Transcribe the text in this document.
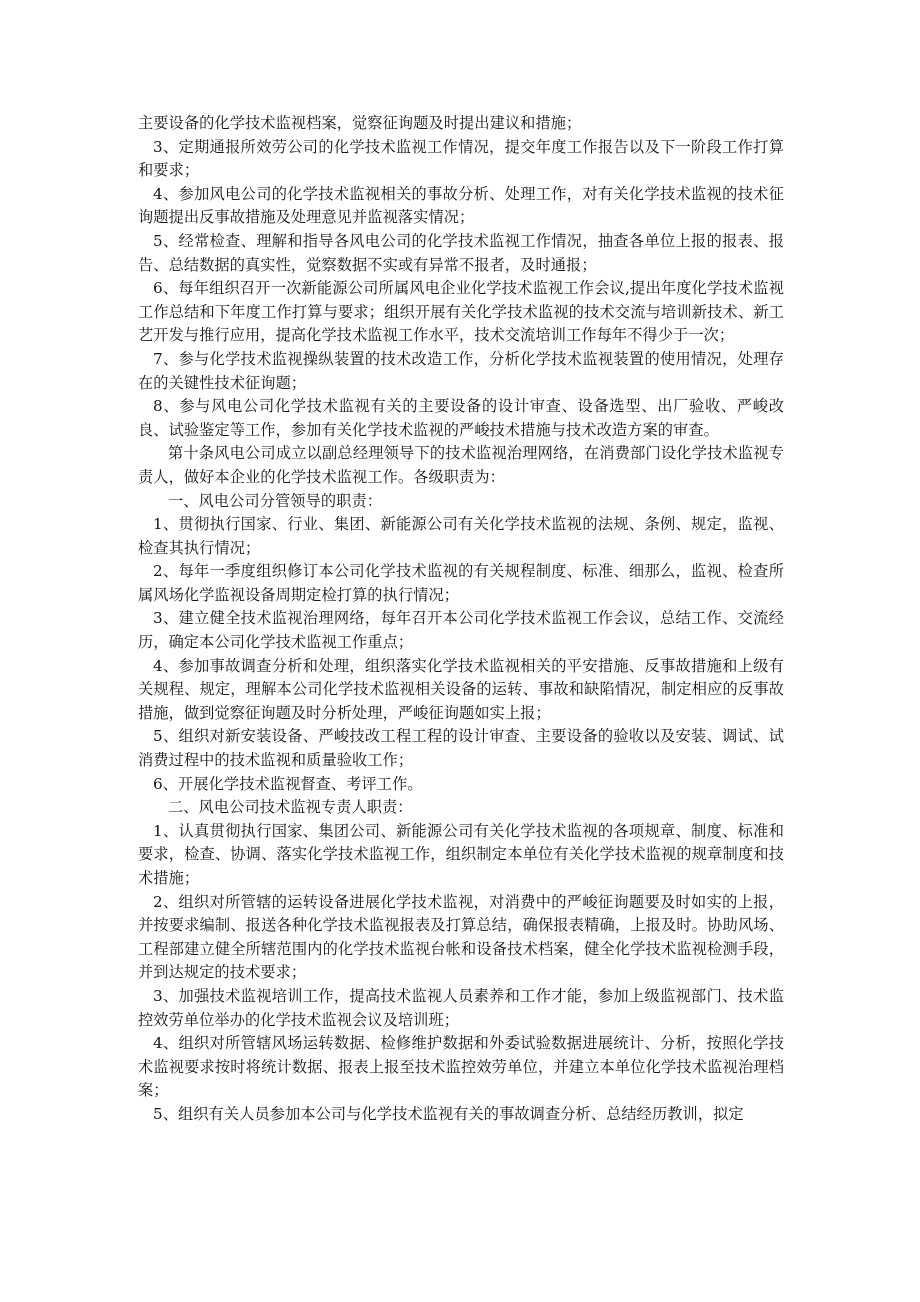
主要设备的化学技术监视档案，觉察征询题及时提出建议和措施；

3、定期通报所效劳公司的化学技术监视工作情况，提交年度工作报告以及下一阶段工作打算和要求；

4、参加风电公司的化学技术监视相关的事故分析、处理工作，对有关化学技术监视的技术征询题提出反事故措施及处理意见并监视落实情况；

5、经常检查、理解和指导各风电公司的化学技术监视工作情况，抽查各单位上报的报表、报告、总结数据的真实性，觉察数据不实或有异常不报者，及时通报；

6、每年组织召开一次新能源公司所属风电企业化学技术监视工作会议,提出年度化学技术监视工作总结和下年度工作打算与要求；组织开展有关化学技术监视的技术交流与培训新技术、新工艺开发与推行应用，提高化学技术监视工作水平，技术交流培训工作每年不得少于一次；

7、参与化学技术监视操纵装置的技术改造工作，分析化学技术监视装置的使用情况，处理存在的关键性技术征询题；

8、参与风电公司化学技术监视有关的主要设备的设计审查、设备选型、出厂验收、严峻改良、试验鉴定等工作，参加有关化学技术监视的严峻技术措施与技术改造方案的审查。

第十条风电公司成立以副总经理领导下的技术监视治理网络，在消费部门设化学技术监视专责人，做好本企业的化学技术监视工作。各级职责为：

一、风电公司分管领导的职责：

1、贯彻执行国家、行业、集团、新能源公司有关化学技术监视的法规、条例、规定，监视、检查其执行情况；

2、每年一季度组织修订本公司化学技术监视的有关规程制度、标准、细那么，监视、检查所属风场化学监视设备周期定检打算的执行情况；

3、建立健全技术监视治理网络，每年召开本公司化学技术监视工作会议，总结工作、交流经历，确定本公司化学技术监视工作重点；

4、参加事故调查分析和处理，组织落实化学技术监视相关的平安措施、反事故措施和上级有关规程、规定，理解本公司化学技术监视相关设备的运转、事故和缺陷情况，制定相应的反事故措施，做到觉察征询题及时分析处理，严峻征询题如实上报；

5、组织对新安装设备、严峻技改工程工程的设计审查、主要设备的验收以及安装、调试、试消费过程中的技术监视和质量验收工作；

6、开展化学技术监视督查、考评工作。

二、风电公司技术监视专责人职责：

1、认真贯彻执行国家、集团公司、新能源公司有关化学技术监视的各项规章、制度、标准和要求，检查、协调、落实化学技术监视工作，组织制定本单位有关化学技术监视的规章制度和技术措施；

2、组织对所管辖的运转设备进展化学技术监视，对消费中的严峻征询题要及时如实的上报，并按要求编制、报送各种化学技术监视报表及打算总结，确保报表精确，上报及时。协助风场、工程部建立健全所辖范围内的化学技术监视台帐和设备技术档案，健全化学技术监视检测手段，并到达规定的技术要求；

3、加强技术监视培训工作，提高技术监视人员素养和工作才能，参加上级监视部门、技术监控效劳单位举办的化学技术监视会议及培训班；

4、组织对所管辖风场运转数据、检修维护数据和外委试验数据进展统计、分析，按照化学技术监视要求按时将统计数据、报表上报至技术监控效劳单位，并建立本单位化学技术监视治理档案；

5、组织有关人员参加本公司与化学技术监视有关的事故调查分析、总结经历教训，拟定
